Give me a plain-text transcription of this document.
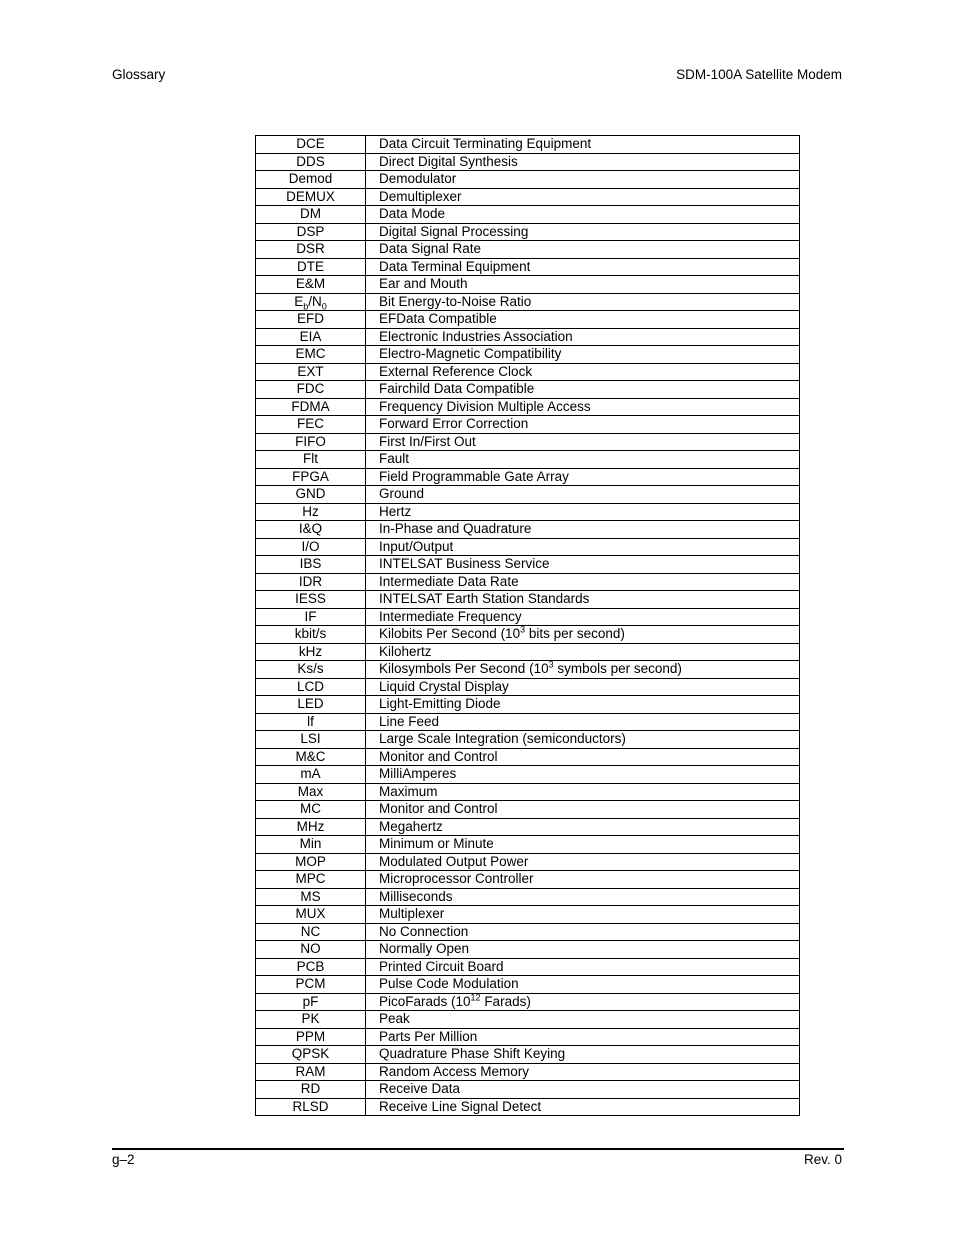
Glossary	SDM-100A Satellite Modem
DCE	Data Circuit Terminating Equipment
DDS	Direct Digital Synthesis
Demod	Demodulator
DEMUX	Demultiplexer
DM	Data Mode
DSP	Digital Signal Processing
DSR	Data Signal Rate
DTE	Data Terminal Equipment
E&M	Ear and Mouth
$E_b/N_0$	Bit Energy-to-Noise Ratio
EFD	EFData Compatible
EIA	Electronic Industries Association
EMC	Electro-Magnetic Compatibility
EXT	External Reference Clock
FDC	Fairchild Data Compatible
FDMA	Frequency Division Multiple Access
FEC	Forward Error Correction
FIFO	First In/First Out
Flt	Fault
FPGA	Field Programmable Gate Array
GND	Ground
Hz	Hertz
I&Q	In-Phase and Quadrature
I/O	Input/Output
IBS	INTELSAT Business Service
IDR	Intermediate Data Rate
IESS	INTELSAT Earth Station Standards
IF	Intermediate Frequency
kbit/s	Kilobits Per Second ($10^3$ bits per second)
kHz	Kilohertz
Ks/s	Kilosymbols Per Second ($10^3$ symbols per second)
LCD	Liquid Crystal Display
LED	Light-Emitting Diode
lf	Line Feed
LSI	Large Scale Integration (semiconductors)
M&C	Monitor and Control
mA	MilliAmperes
Max	Maximum
MC	Monitor and Control
MHz	Megahertz
Min	Minimum or Minute
MOP	Modulated Output Power
MPC	Microprocessor Controller
MS	Milliseconds
MUX	Multiplexer
NC	No Connection
NO	Normally Open
PCB	Printed Circuit Board
PCM	Pulse Code Modulation
pF	PicoFarads ($10^{12}$ Farads)
PK	Peak
PPM	Parts Per Million
QPSK	Quadrature Phase Shift Keying
RAM	Random Access Memory
RD	Receive Data
RLSD	Receive Line Signal Detect
g–2	Rev. 0
